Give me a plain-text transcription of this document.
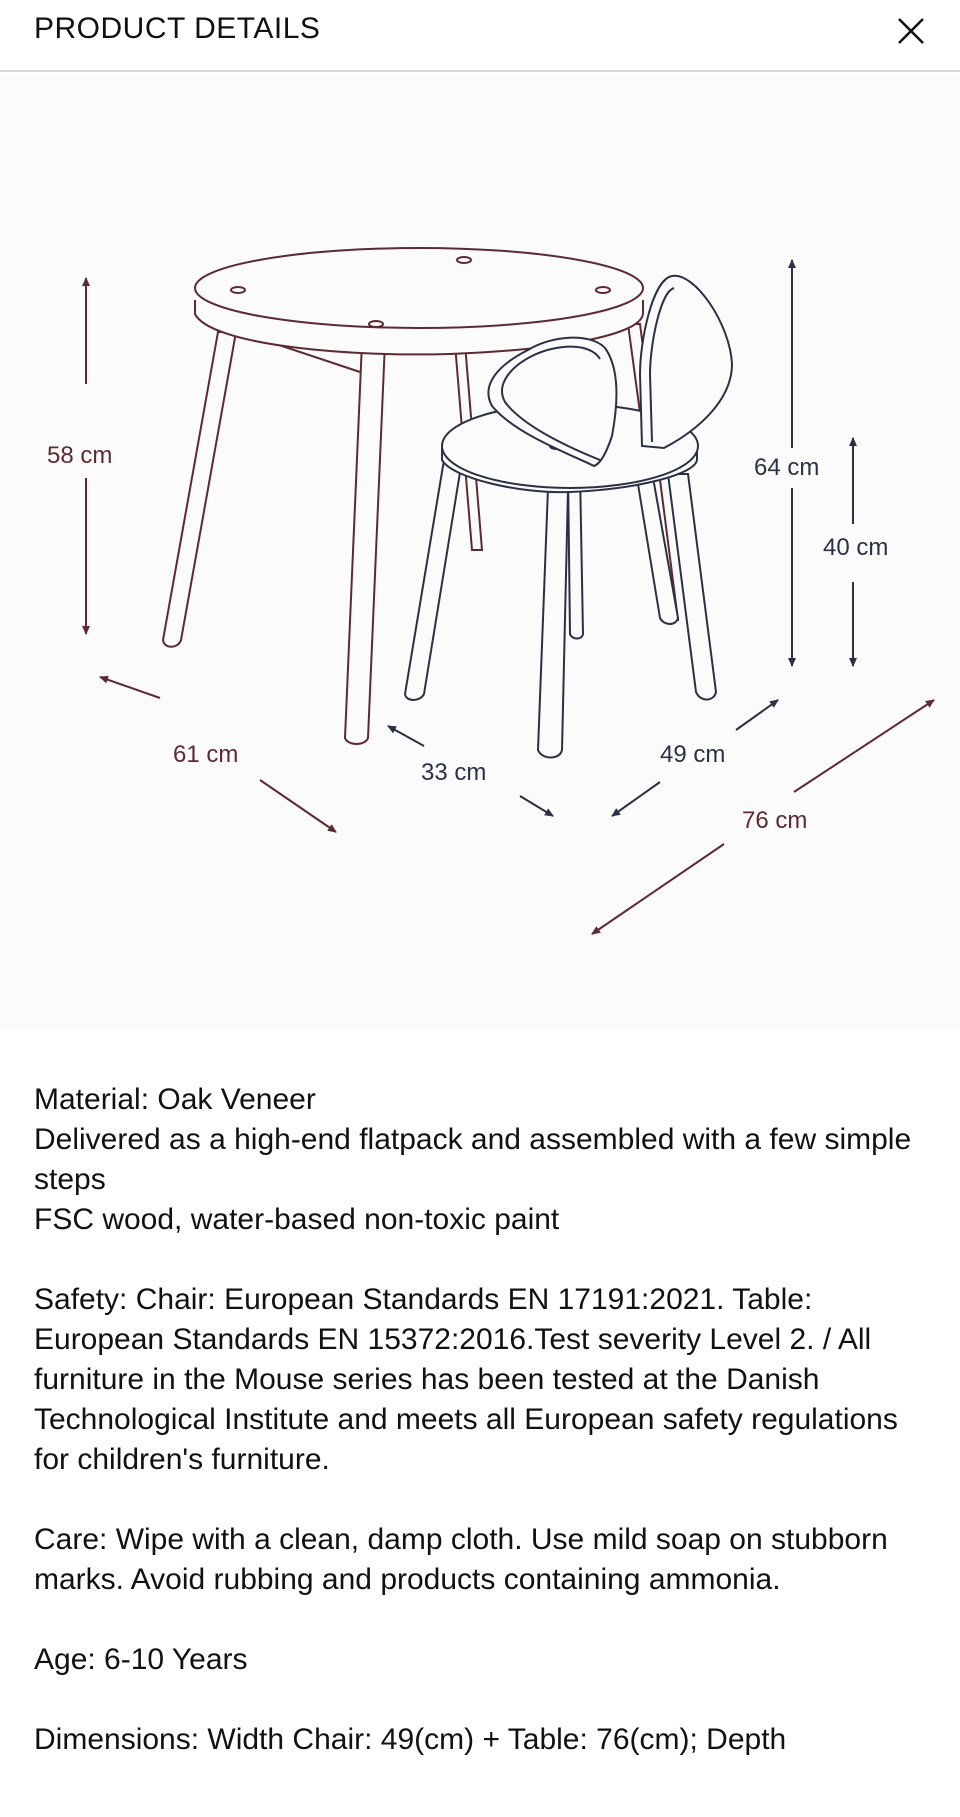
PRODUCT DETAILS
58 cm
61 cm
76 cm
64 cm
40 cm
33 cm
49 cm

Material: Oak Veneer

Delivered as a high-end flatpack and assembled with a few simple steps

FSC wood, water-based non-toxic paint

Safety: Chair: European Standards EN 17191:2021. Table: European Standards EN 15372:2016.Test severity Level 2. / All furniture in the Mouse series has been tested at the Danish Technological Institute and meets all European safety regulations for children's furniture.

Care: Wipe with a clean, damp cloth. Use mild soap on stubborn marks. Avoid rubbing and products containing ammonia.

Age: 6-10 Years

Dimensions: Width Chair: 49(cm) + Table: 76(cm); Depth
